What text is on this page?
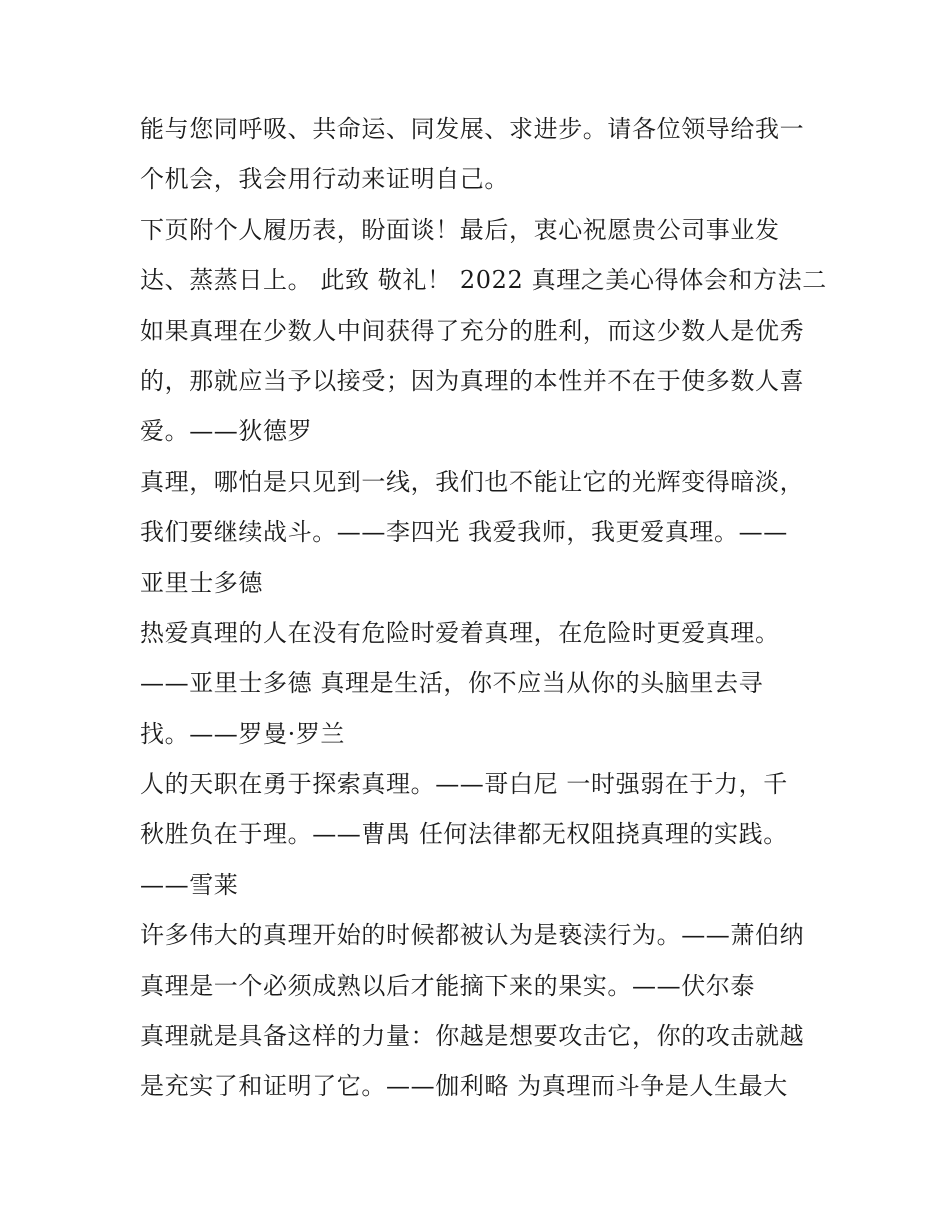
能与您同呼吸、共命运、同发展、求进步。请各位领导给我一
个机会，我会用行动来证明自己。
下页附个人履历表，盼面谈！最后，衷心祝愿贵公司事业发
达、蒸蒸日上。 此致 敬礼！ 2022 真理之美心得体会和方法二
如果真理在少数人中间获得了充分的胜利，而这少数人是优秀
的，那就应当予以接受；因为真理的本性并不在于使多数人喜
爱。——狄德罗
真理，哪怕是只见到一线，我们也不能让它的光辉变得暗淡，
我们要继续战斗。——李四光 我爱我师，我更爱真理。——
亚里士多德
热爱真理的人在没有危险时爱着真理，在危险时更爱真理。
——亚里士多德 真理是生活，你不应当从你的头脑里去寻
找。——罗曼·罗兰
人的天职在勇于探索真理。——哥白尼 一时强弱在于力，千
秋胜负在于理。——曹禺 任何法律都无权阻挠真理的实践。
——雪莱
许多伟大的真理开始的时候都被认为是亵渎行为。——萧伯纳
真理是一个必须成熟以后才能摘下来的果实。——伏尔泰
真理就是具备这样的力量：你越是想要攻击它，你的攻击就越
是充实了和证明了它。——伽利略 为真理而斗争是人生最大
